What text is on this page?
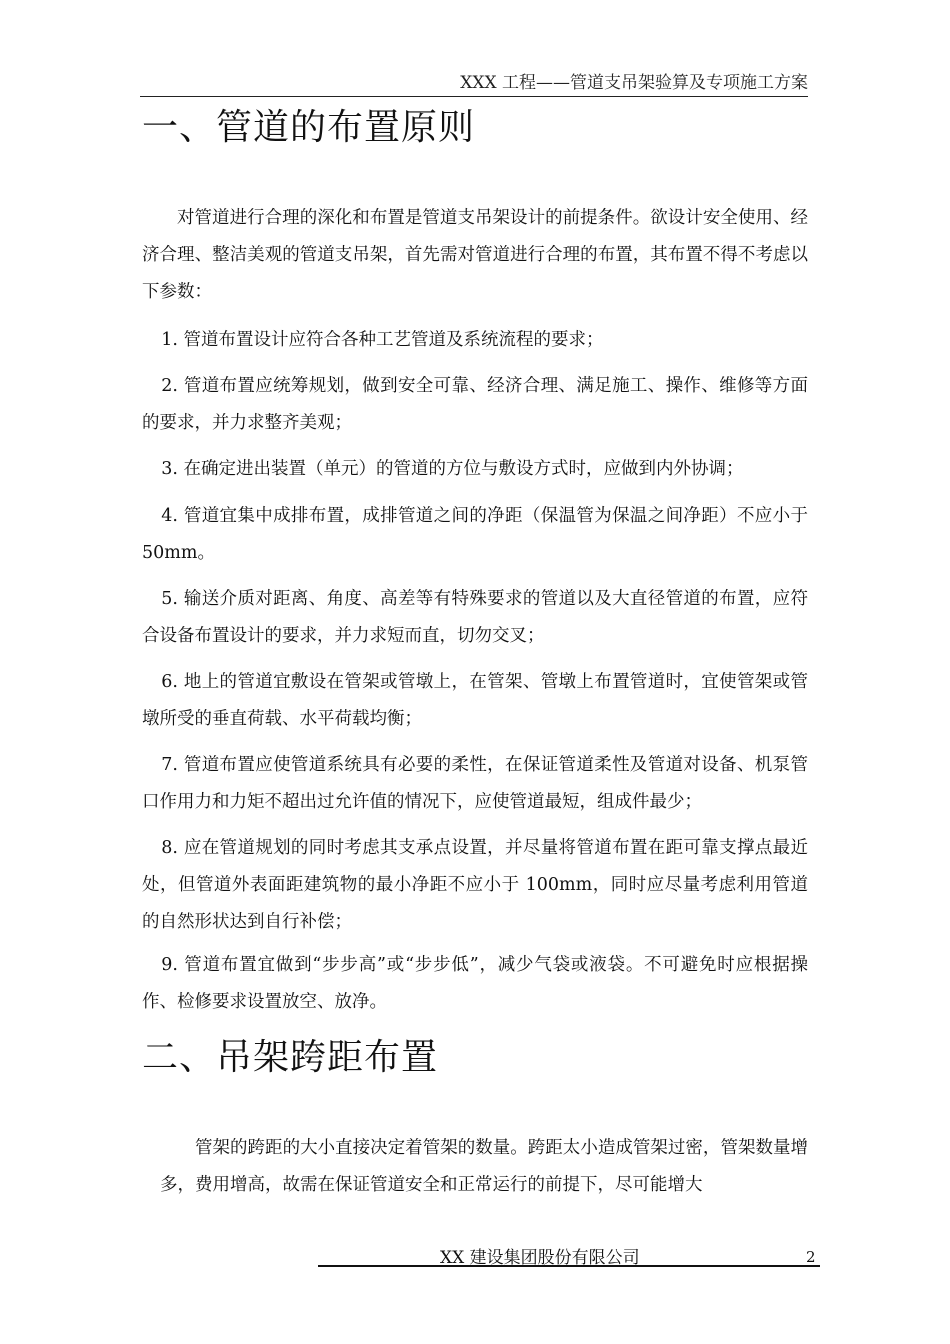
XXX 工程——管道支吊架验算及专项施工方案
一、管道的布置原则

对管道进行合理的深化和布置是管道支吊架设计的前提条件。欲设计安全使用、经济合理、整洁美观的管道支吊架，首先需对管道进行合理的布置，其布置不得不考虑以下参数：

1. 管道布置设计应符合各种工艺管道及系统流程的要求；

2. 管道布置应统筹规划，做到安全可靠、经济合理、满足施工、操作、维修等方面的要求，并力求整齐美观；

3. 在确定进出装置（单元）的管道的方位与敷设方式时，应做到内外协调；

4. 管道宜集中成排布置，成排管道之间的净距（保温管为保温之间净距）不应小于 50mm。

5. 输送介质对距离、角度、高差等有特殊要求的管道以及大直径管道的布置，应符合设备布置设计的要求，并力求短而直，切勿交叉；

6. 地上的管道宜敷设在管架或管墩上，在管架、管墩上布置管道时，宜使管架或管墩所受的垂直荷载、水平荷载均衡；

7. 管道布置应使管道系统具有必要的柔性，在保证管道柔性及管道对设备、机泵管口作用力和力矩不超出过允许值的情况下，应使管道最短，组成件最少；

8. 应在管道规划的同时考虑其支承点设置，并尽量将管道布置在距可靠支撑点最近处，但管道外表面距建筑物的最小净距不应小于 100mm，同时应尽量考虑利用管道的自然形状达到自行补偿；

9. 管道布置宜做到“步步高”或“步步低”，减少气袋或液袋。不可避免时应根据操作、检修要求设置放空、放净。

二、吊架跨距布置

管架的跨距的大小直接决定着管架的数量。跨距太小造成管架过密，管架数量增多，费用增高，故需在保证管道安全和正常运行的前提下，尽可能增大

XX 建设集团股份有限公司	2
